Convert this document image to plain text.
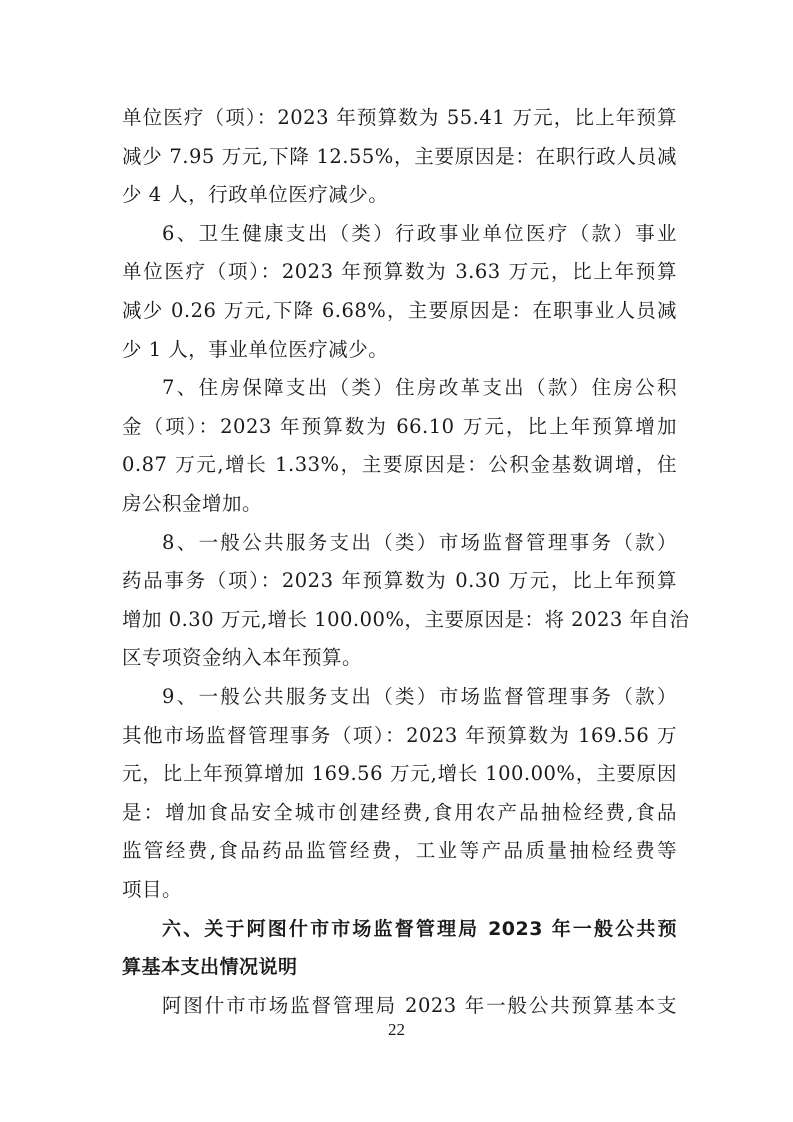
单位医疗（项）：2023 年预算数为 55.41 万元，比上年预算
减少 7.95 万元,下降 12.55%，主要原因是：在职行政人员减
少 4 人，行政单位医疗减少。
6、卫生健康支出（类）行政事业单位医疗（款）事业
单位医疗（项）：2023 年预算数为 3.63 万元，比上年预算
减少 0.26 万元,下降 6.68%，主要原因是：在职事业人员减
少 1 人，事业单位医疗减少。
7、住房保障支出（类）住房改革支出（款）住房公积
金（项）：2023 年预算数为 66.10 万元，比上年预算增加
0.87 万元,增长 1.33%，主要原因是：公积金基数调增，住
房公积金增加。
8、一般公共服务支出（类）市场监督管理事务（款）
药品事务（项）：2023 年预算数为 0.30 万元，比上年预算
增加 0.30 万元,增长 100.00%，主要原因是：将 2023 年自治
区专项资金纳入本年预算。
9、一般公共服务支出（类）市场监督管理事务（款）
其他市场监督管理事务（项）：2023 年预算数为 169.56 万
元，比上年预算增加 169.56 万元,增长 100.00%，主要原因
是：增加食品安全城市创建经费,食用农产品抽检经费,食品
监管经费,食品药品监管经费，工业等产品质量抽检经费等
项目。
六、关于阿图什市市场监督管理局 2023 年一般公共预
算基本支出情况说明
阿图什市市场监督管理局 2023 年一般公共预算基本支
22
